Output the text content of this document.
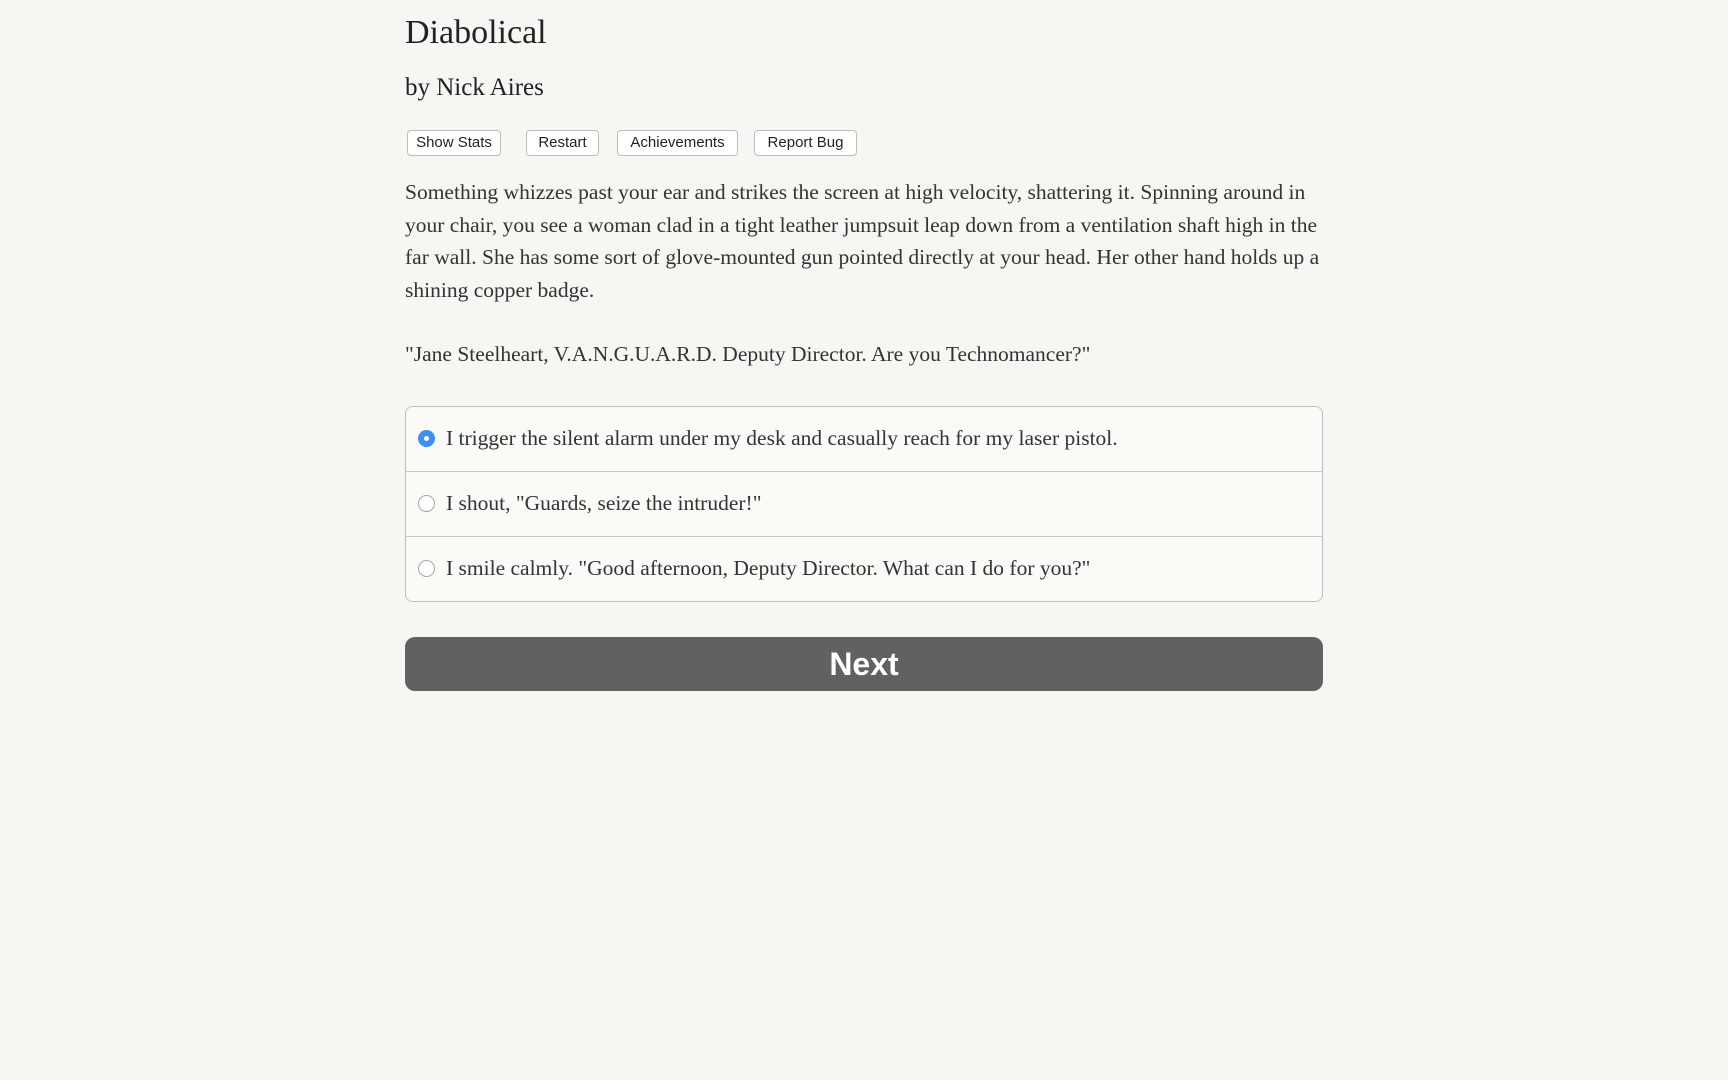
Diabolical
by Nick Aires
Show Stats	Restart	Achievements	Report Bug

Something whizzes past your ear and strikes the screen at high velocity, shattering it. Spinning around in your chair, you see a woman clad in a tight leather jumpsuit leap down from a ventilation shaft high in the far wall. She has some sort of glove-mounted gun pointed directly at your head. Her other hand holds up a shining copper badge.

"Jane Steelheart, V.A.N.G.U.A.R.D. Deputy Director. Are you Technomancer?"

I trigger the silent alarm under my desk and casually reach for my laser pistol.
I shout, "Guards, seize the intruder!"
I smile calmly. "Good afternoon, Deputy Director. What can I do for you?"
Next
